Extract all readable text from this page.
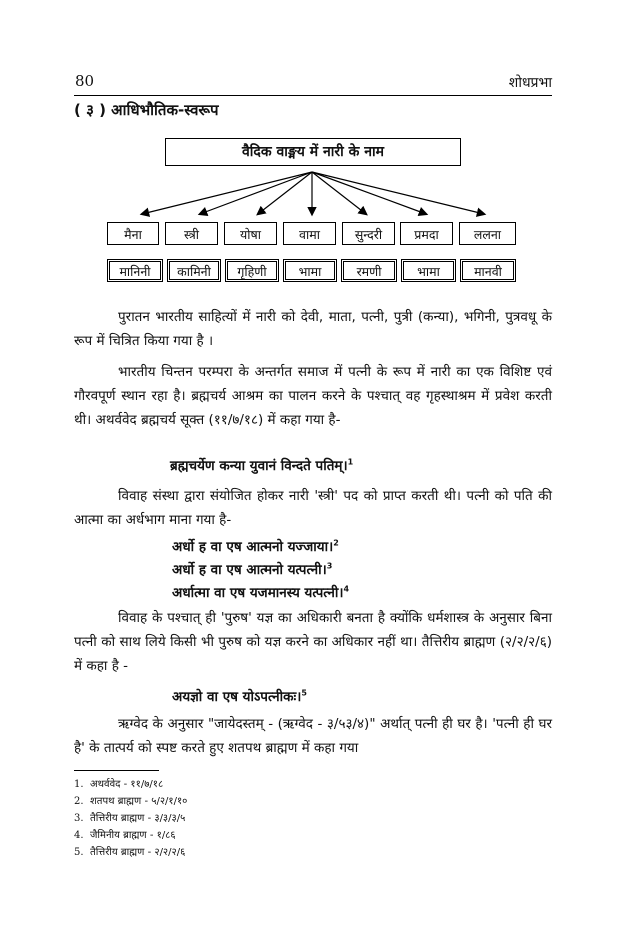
80	शोधप्रभा
( ३ ) आधिभौतिक-स्वरूप
वैदिक वाङ्मय में नारी के नाम
मैना	स्त्री	योषा	वामा	सुन्दरी	प्रमदा	ललना
मानिनी	कामिनी	गृहिणी	भामा	रमणी	भामा	मानवी
पुरातन भारतीय साहित्यों में नारी को देवी, माता, पत्नी, पुत्री (कन्या), भगिनी, पुत्रवधू के रूप में चित्रित किया गया है ।
भारतीय चिन्तन परम्परा के अन्तर्गत समाज में पत्नी के रूप में नारी का एक विशिष्ट एवं गौरवपूर्ण स्थान रहा है। ब्रह्मचर्य आश्रम का पालन करने के पश्चात् वह गृहस्थाश्रम में प्रवेश करती थी। अथर्ववेद ब्रह्मचर्य सूक्त (११/७/१८) में कहा गया है-
ब्रह्मचर्येण कन्या युवानं विन्दते पतिम्।$^1$
विवाह संस्था द्वारा संयोजित होकर नारी 'स्त्री' पद को प्राप्त करती थी। पत्नी को पति की आत्मा का अर्धभाग माना गया है-
अर्धो ह वा एष आत्मनो यज्जाया।$^2$
अर्धो ह वा एष आत्मनो यत्पत्नी।$^3$
अर्धात्मा वा एष यजमानस्य यत्पत्नी।$^4$
विवाह के पश्चात् ही 'पुरुष' यज्ञ का अधिकारी बनता है क्योंकि धर्मशास्त्र के अनुसार बिना पत्नी को साथ लिये किसी भी पुरुष को यज्ञ करने का अधिकार नहीं था। तैत्तिरीय ब्राह्मण (२/२/२/६) में कहा है -
अयज्ञो वा एष योऽपत्नीकः।$^5$
ऋग्वेद के अनुसार "जायेदस्तम् - (ऋग्वेद - ३/५३/४)" अर्थात् पत्नी ही घर है। 'पत्नी ही घर है' के तात्पर्य को स्पष्ट करते हुए शतपथ ब्राह्मण में कहा गया
1. अथर्ववेद - ११/७/१८
2. शतपथ ब्राह्मण - ५/२/१/१०
3. तैत्तिरीय ब्राह्मण - ३/३/३/५
4. जैमिनीय ब्राह्मण - १/८६
5. तैत्तिरीय ब्राह्मण - २/२/२/६
